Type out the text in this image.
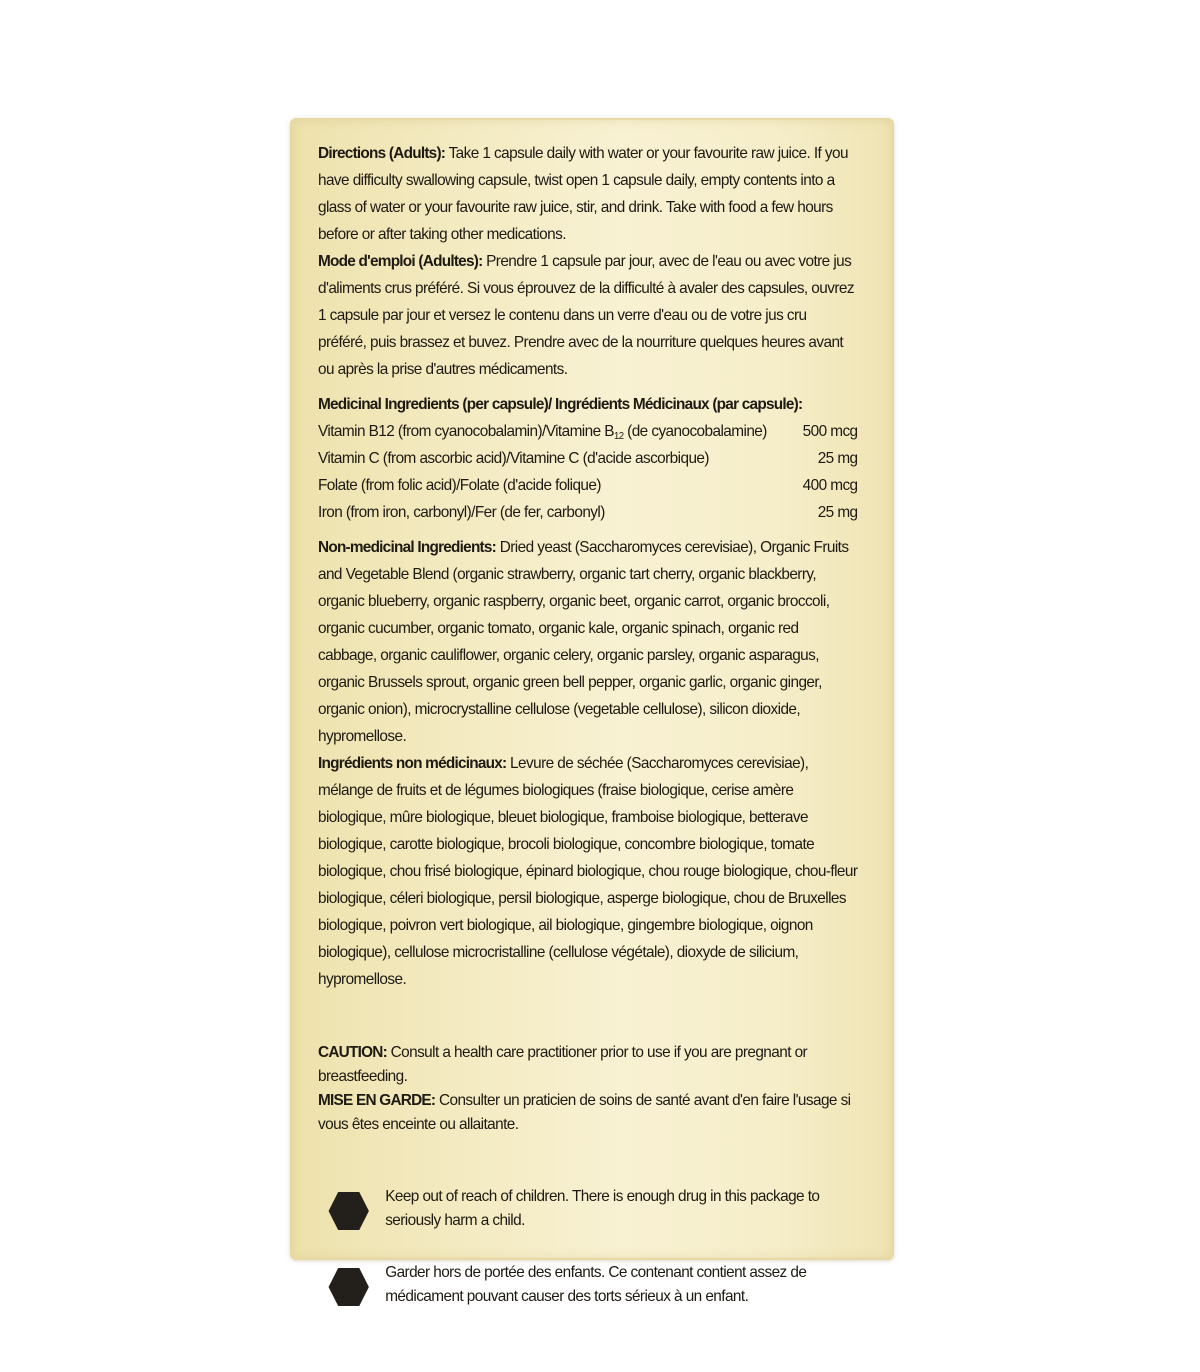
Directions (Adults): Take 1 capsule daily with water or your favourite raw juice. If you have difficulty swallowing capsule, twist open 1 capsule daily, empty contents into a glass of water or your favourite raw juice, stir, and drink. Take with food a few hours before or after taking other medications.

Mode d'emploi (Adultes): Prendre 1 capsule par jour, avec de l'eau ou avec votre jus d'aliments crus préféré. Si vous éprouvez de la difficulté à avaler des capsules, ouvrez 1 capsule par jour et versez le contenu dans un verre d'eau ou de votre jus cru préféré, puis brassez et buvez. Prendre avec de la nourriture quelques heures avant ou après la prise d'autres médicaments.

Medicinal Ingredients (per capsule)/ Ingrédients Médicinaux (par capsule):

Vitamin B12 (from cyanocobalamin)/Vitamine $B_{12}$ (de cyanocobalamine) 500 mcg
Vitamin C (from ascorbic acid)/Vitamine C (d'acide ascorbique)	25 mg
Folate (from folic acid)/Folate (d'acide folique)	400 mcg
Iron (from iron, carbonyl)/Fer (de fer, carbonyl)	25 mg

Non-medicinal Ingredients: Dried yeast (Saccharomyces cerevisiae), Organic Fruits and Vegetable Blend (organic strawberry, organic tart cherry, organic blackberry, organic blueberry, organic raspberry, organic beet, organic carrot, organic broccoli, organic cucumber, organic tomato, organic kale, organic spinach, organic red cabbage, organic cauliflower, organic celery, organic parsley, organic asparagus, organic Brussels sprout, organic green bell pepper, organic garlic, organic ginger, organic onion), microcrystalline cellulose (vegetable cellulose), silicon dioxide, hypromellose.

Ingrédients non médicinaux: Levure de séchée (Saccharomyces cerevisiae), mélange de fruits et de légumes biologiques (fraise biologique, cerise amère biologique, mûre biologique, bleuet biologique, framboise biologique, betterave biologique, carotte biologique, brocoli biologique, concombre biologique, tomate biologique, chou frisé biologique, épinard biologique, chou rouge biologique, chou-fleur biologique, céleri biologique, persil biologique, asperge biologique, chou de Bruxelles biologique, poivron vert biologique, ail biologique, gingembre biologique, oignon biologique), cellulose microcristalline (cellulose végétale), dioxyde de silicium, hypromellose.

CAUTION: Consult a health care practitioner prior to use if you are pregnant or breastfeeding.

MISE EN GARDE: Consulter un praticien de soins de santé avant d'en faire l'usage si vous êtes enceinte ou allaitante.

Keep out of reach of children. There is enough drug in this package to seriously harm a child.
Garder hors de portée des enfants. Ce contenant contient assez de médicament pouvant causer des torts sérieux à un enfant.
